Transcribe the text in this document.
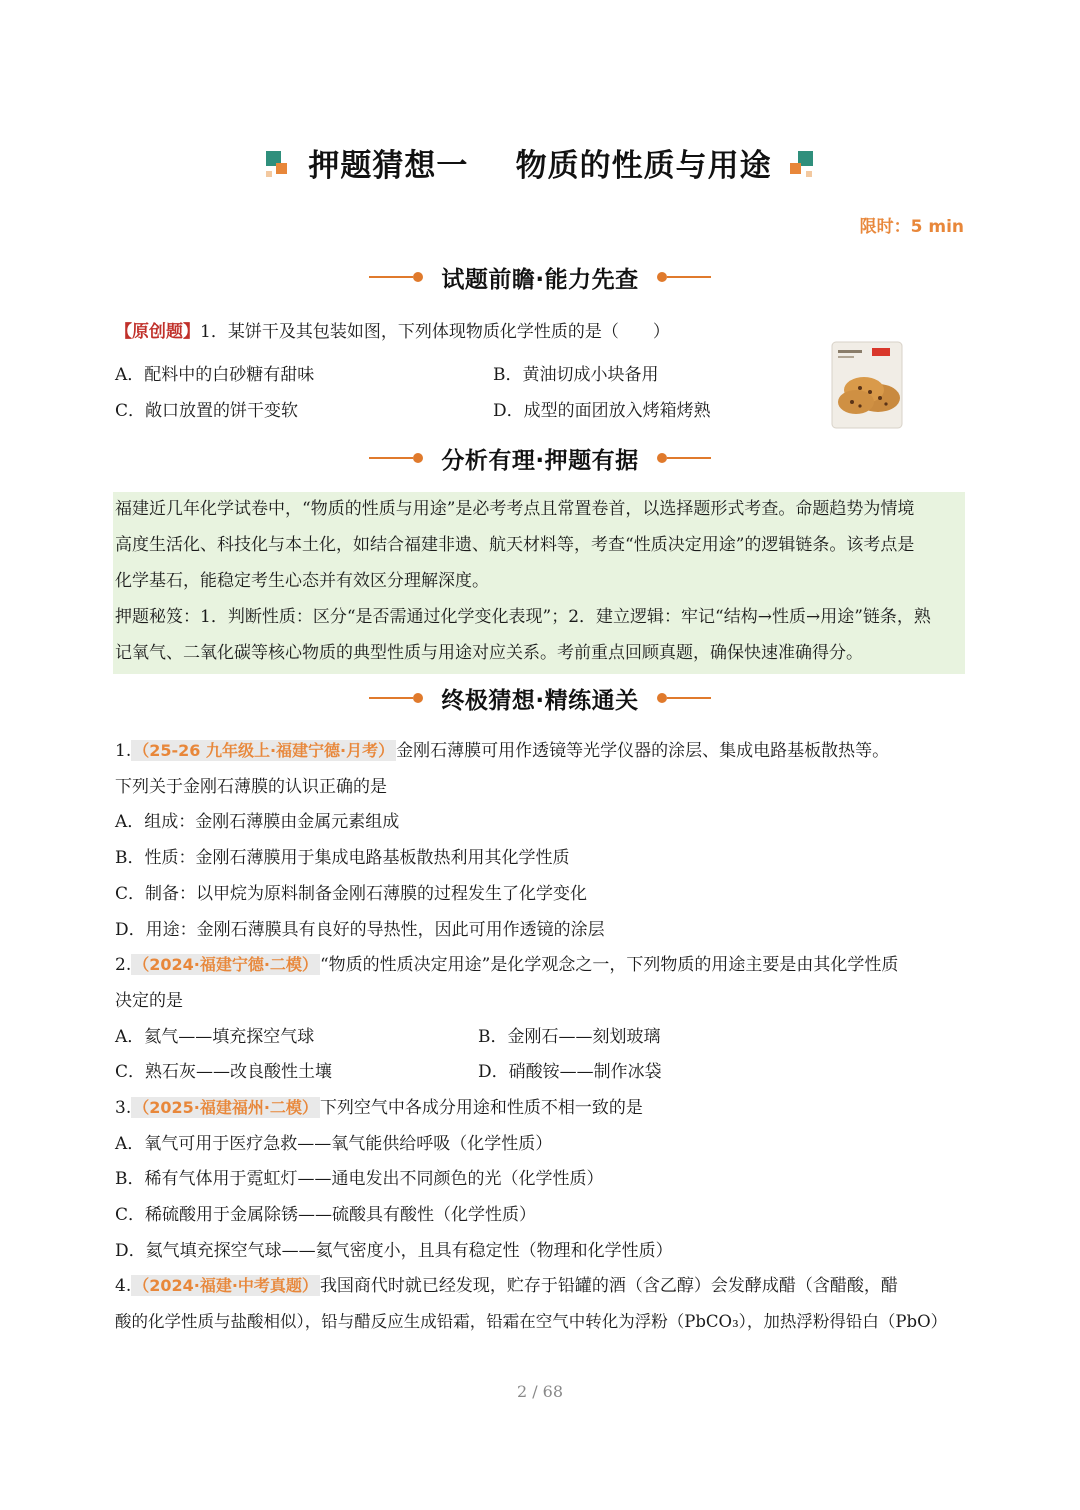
押题猜想一    物质的性质与用途
限时：5 min
试题前瞻·能力先查
【原创题】1．某饼干及其包装如图，下列体现物质化学性质的是（　　）
A．配料中的白砂糖有甜味	B．黄油切成小块备用
C．敞口放置的饼干变软	D．成型的面团放入烤箱烤熟
分析有理·押题有据
福建近几年化学试卷中，“物质的性质与用途”是必考考点且常置卷首，以选择题形式考查。命题趋势为情境
高度生活化、科技化与本土化，如结合福建非遗、航天材料等，考查“性质决定用途”的逻辑链条。该考点是
化学基石，能稳定考生心态并有效区分理解深度。
押题秘笈：1．判断性质：区分“是否需通过化学变化表现”；2．建立逻辑：牢记“结构→性质→用途”链条，熟
记氧气、二氧化碳等核心物质的典型性质与用途对应关系。考前重点回顾真题，确保快速准确得分。
终极猜想·精练通关
1. （25-26 九年级上·福建宁德·月考） 金刚石薄膜可用作透镜等光学仪器的涂层、集成电路基板散热等。
下列关于金刚石薄膜的认识正确的是
A．组成：金刚石薄膜由金属元素组成
B．性质：金刚石薄膜用于集成电路基板散热利用其化学性质
C．制备：以甲烷为原料制备金刚石薄膜的过程发生了化学变化
D．用途：金刚石薄膜具有良好的导热性，因此可用作透镜的涂层
2. （2024·福建宁德·二模） “物质的性质决定用途”是化学观念之一，下列物质的用途主要是由其化学性质
决定的是
A．氦气——填充探空气球	B．金刚石——刻划玻璃
C．熟石灰——改良酸性土壤	D．硝酸铵——制作冰袋
3. （2025·福建福州·二模） 下列空气中各成分用途和性质不相一致的是
A．氧气可用于医疗急救——氧气能供给呼吸（化学性质）
B．稀有气体用于霓虹灯——通电发出不同颜色的光（化学性质）
C．稀硫酸用于金属除锈——硫酸具有酸性（化学性质）
D．氦气填充探空气球——氦气密度小，且具有稳定性（物理和化学性质）
4. （2024·福建·中考真题） 我国商代时就已经发现，贮存于铅罐的酒（含乙醇）会发酵成醋（含醋酸，醋
酸的化学性质与盐酸相似），铅与醋反应生成铅霜，铅霜在空气中转化为浮粉（PbCO₃），加热浮粉得铅白（PbO）
2 / 68
